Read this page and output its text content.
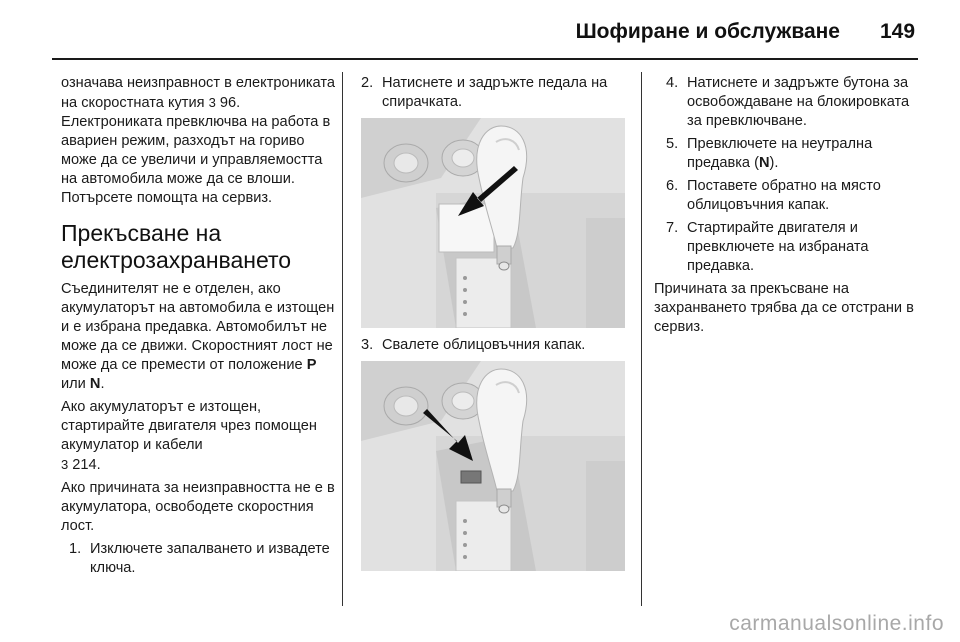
Шофиране и обслужване 149

означава неизправност в електрониката на скоростната кутия 3 96. Електрониката превключва на работа в авариен режим, разходът на гориво може да се увеличи и управляемостта на автомобила може да се влоши. Потърсете помощта на сервиз.

Прекъсване на електрозахранването

Съединителят не е отделен, ако акумулаторът на автомобила е изтощен и е избрана предавка. Автомобилът не може да се движи. Скоростният лост не може да се премести от положение P или N.

Ако акумулаторът е изтощен, стартирайте двигателя чрез помощен акумулатор и кабели
3 214.

Ако причината за неизправността не е в акумулатора, освободете скоростния лост.

1. Изключете запалването и извадете ключа.
2. Натиснете и задръжте педала на спирачката.
3. Свалете облицовъчния капак.
4. Натиснете и задръжте бутона за освобождаване на блокировката за превключване.
5. Превключете на неутрална предавка (N).
6. Поставете обратно на място облицовъчния капак.
7. Стартирайте двигателя и превключете на избраната предавка.

Причината за прекъсване на захранването трябва да се отстрани в сервиз.

carmanualsonline.info
